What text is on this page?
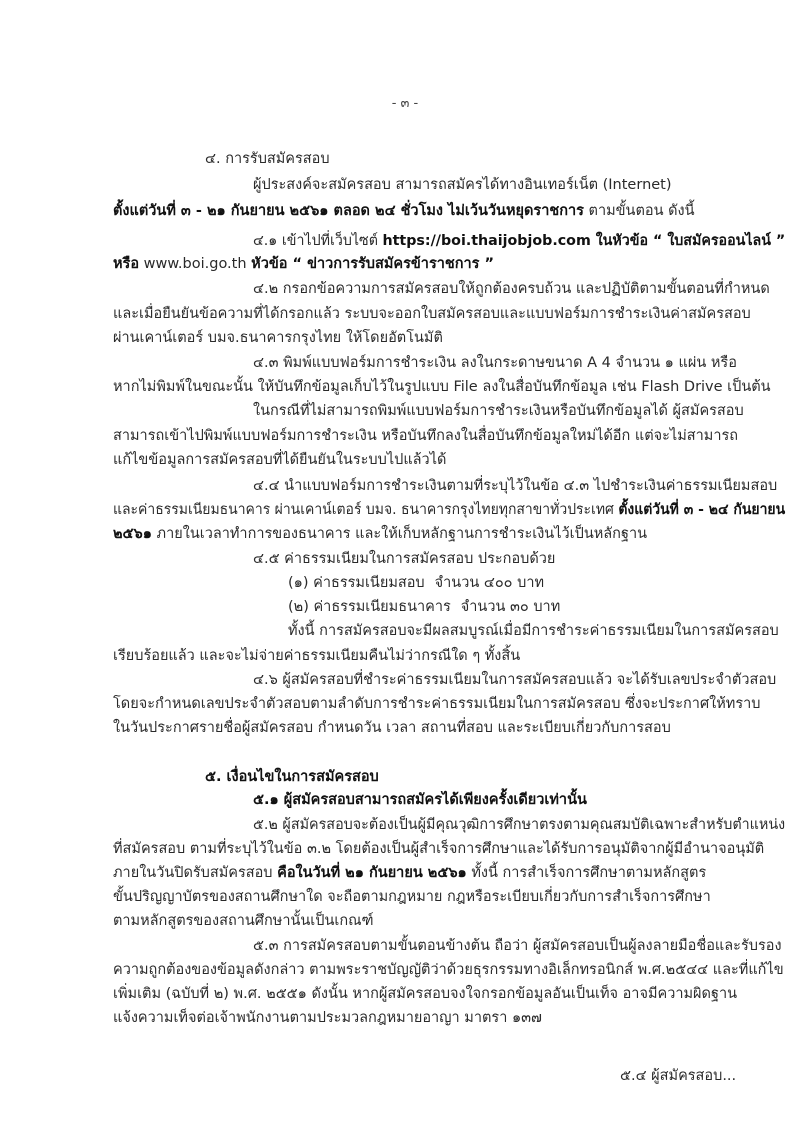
- ๓ -
๔. การรับสมัครสอบ
ผู้ประสงค์จะสมัครสอบ สามารถสมัครได้ทางอินเทอร์เน็ต (Internet)
ตั้งแต่วันที่ ๓ - ๒๑ กันยายน ๒๕๖๑ ตลอด ๒๔ ชั่วโมง ไม่เว้นวันหยุดราชการ ตามขั้นตอน ดังนี้
๔.๑ เข้าไปที่เว็บไซต์ https://boi.thaijobjob.com ในหัวข้อ “ ใบสมัครออนไลน์ ”
หรือ www.boi.go.th หัวข้อ “ ข่าวการรับสมัครข้าราชการ ”
๔.๒ กรอกข้อความการสมัครสอบให้ถูกต้องครบถ้วน และปฏิบัติตามขั้นตอนที่กำหนด
และเมื่อยืนยันข้อความที่ได้กรอกแล้ว ระบบจะออกใบสมัครสอบและแบบฟอร์มการชำระเงินค่าสมัครสอบ
ผ่านเคาน์เตอร์ บมจ.ธนาคารกรุงไทย ให้โดยอัตโนมัติ
๔.๓ พิมพ์แบบฟอร์มการชำระเงิน ลงในกระดาษขนาด A 4 จำนวน ๑ แผ่น หรือ
หากไม่พิมพ์ในขณะนั้น ให้บันทึกข้อมูลเก็บไว้ในรูปแบบ File ลงในสื่อบันทึกข้อมูล เช่น Flash Drive เป็นต้น
ในกรณีที่ไม่สามารถพิมพ์แบบฟอร์มการชำระเงินหรือบันทึกข้อมูลได้ ผู้สมัครสอบ
สามารถเข้าไปพิมพ์แบบฟอร์มการชำระเงิน หรือบันทึกลงในสื่อบันทึกข้อมูลใหม่ได้อีก แต่จะไม่สามารถ
แก้ไขข้อมูลการสมัครสอบที่ได้ยืนยันในระบบไปแล้วได้
๔.๔ นำแบบฟอร์มการชำระเงินตามที่ระบุไว้ในข้อ ๔.๓ ไปชำระเงินค่าธรรมเนียมสอบ
และค่าธรรมเนียมธนาคาร ผ่านเคาน์เตอร์ บมจ. ธนาคารกรุงไทยทุกสาขาทั่วประเทศ ตั้งแต่วันที่ ๓ - ๒๔ กันยายน
๒๕๖๑ ภายในเวลาทำการของธนาคาร และให้เก็บหลักฐานการชำระเงินไว้เป็นหลักฐาน
๔.๕ ค่าธรรมเนียมในการสมัครสอบ ประกอบด้วย
(๑) ค่าธรรมเนียมสอบ จำนวน ๔๐๐ บาท
(๒) ค่าธรรมเนียมธนาคาร จำนวน ๓๐ บาท
ทั้งนี้ การสมัครสอบจะมีผลสมบูรณ์เมื่อมีการชำระค่าธรรมเนียมในการสมัครสอบ
เรียบร้อยแล้ว และจะไม่จ่ายค่าธรรมเนียมคืนไม่ว่ากรณีใด ๆ ทั้งสิ้น
๔.๖ ผู้สมัครสอบที่ชำระค่าธรรมเนียมในการสมัครสอบแล้ว จะได้รับเลขประจำตัวสอบ
โดยจะกำหนดเลขประจำตัวสอบตามลำดับการชำระค่าธรรมเนียมในการสมัครสอบ ซึ่งจะประกาศให้ทราบ
ในวันประกาศรายชื่อผู้สมัครสอบ กำหนดวัน เวลา สถานที่สอบ และระเบียบเกี่ยวกับการสอบ
๕. เงื่อนไขในการสมัครสอบ
๕.๑ ผู้สมัครสอบสามารถสมัครได้เพียงครั้งเดียวเท่านั้น
๕.๒ ผู้สมัครสอบจะต้องเป็นผู้มีคุณวุฒิการศึกษาตรงตามคุณสมบัติเฉพาะสำหรับตำแหน่ง
ที่สมัครสอบ ตามที่ระบุไว้ในข้อ ๓.๒ โดยต้องเป็นผู้สำเร็จการศึกษาและได้รับการอนุมัติจากผู้มีอำนาจอนุมัติ
ภายในวันปิดรับสมัครสอบ คือในวันที่ ๒๑ กันยายน ๒๕๖๑ ทั้งนี้ การสำเร็จการศึกษาตามหลักสูตร
ขั้นปริญญาบัตรของสถานศึกษาใด จะถือตามกฎหมาย กฎหรือระเบียบเกี่ยวกับการสำเร็จการศึกษา
ตามหลักสูตรของสถานศึกษานั้นเป็นเกณฑ์
๕.๓ การสมัครสอบตามขั้นตอนข้างต้น ถือว่า ผู้สมัครสอบเป็นผู้ลงลายมือชื่อและรับรอง
ความถูกต้องของข้อมูลดังกล่าว ตามพระราชบัญญัติว่าด้วยธุรกรรมทางอิเล็กทรอนิกส์ พ.ศ.๒๕๔๔ และที่แก้ไข
เพิ่มเติม (ฉบับที่ ๒) พ.ศ. ๒๕๕๑ ดังนั้น หากผู้สมัครสอบจงใจกรอกข้อมูลอันเป็นเท็จ อาจมีความผิดฐาน
แจ้งความเท็จต่อเจ้าพนักงานตามประมวลกฎหมายอาญา มาตรา ๑๓๗
๕.๔ ผู้สมัครสอบ...
